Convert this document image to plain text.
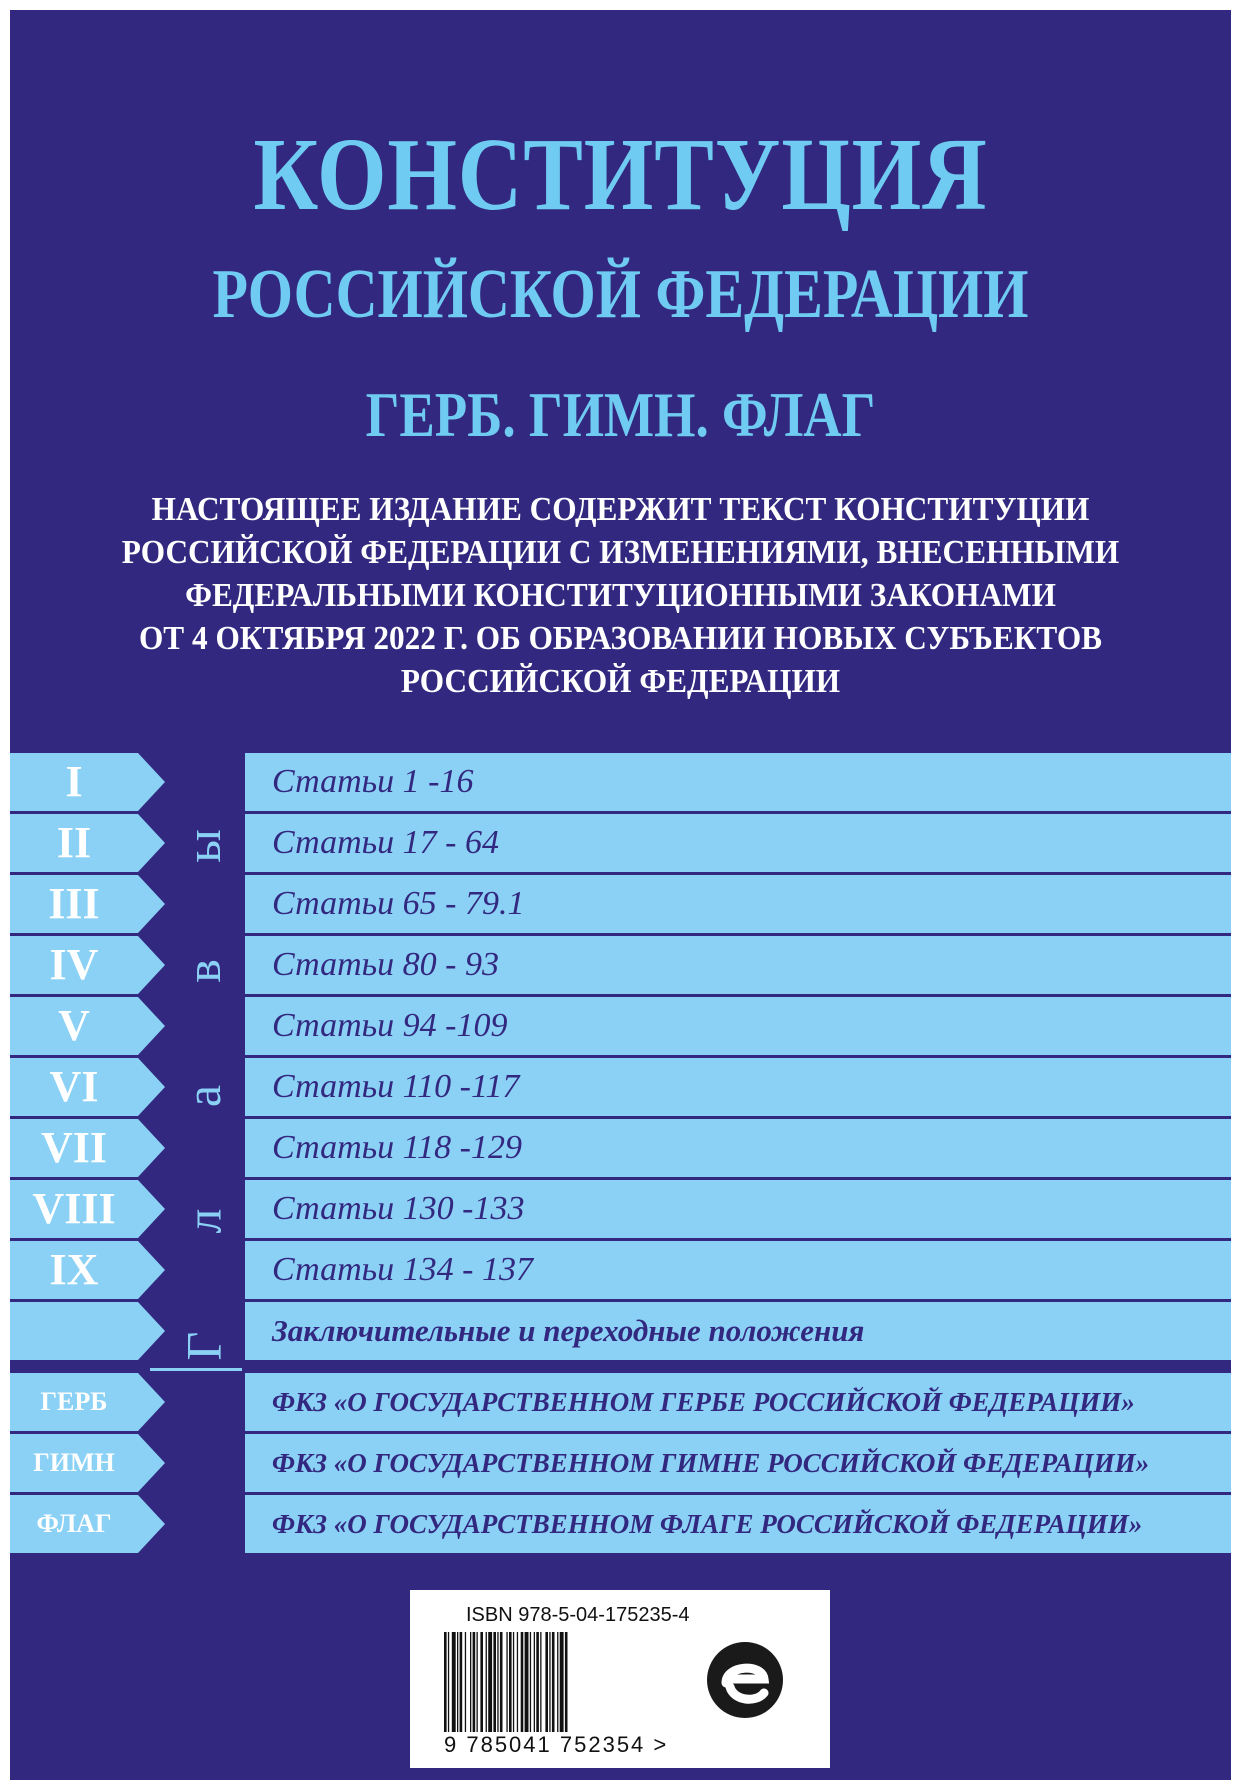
КОНСТИТУЦИЯ
РОССИЙСКОЙ ФЕДЕРАЦИИ
ГЕРБ. ГИМН. ФЛАГ
НАСТОЯЩЕЕ ИЗДАНИЕ СОДЕРЖИТ ТЕКСТ КОНСТИТУЦИИ
РОССИЙСКОЙ ФЕДЕРАЦИИ С ИЗМЕНЕНИЯМИ, ВНЕСЕННЫМИ
ФЕДЕРАЛЬНЫМИ КОНСТИТУЦИОННЫМИ ЗАКОНАМИ
ОТ 4 ОКТЯБРЯ 2022 Г. ОБ ОБРАЗОВАНИИ НОВЫХ СУБЪЕКТОВ
РОССИЙСКОЙ ФЕДЕРАЦИИ
I	Статьи 1 -16
II	Статьи 17 - 64
III	Статьи 65 - 79.1
IV	Статьи 80 - 93
V	Статьи 94 -109
VI	Статьи 110 -117
VII	Статьи 118 -129
VIII	Статьи 130 -133
IX	Статьи 134 - 137
Заключительные и переходные положения
ГЕРБ	ФКЗ «О ГОСУДАРСТВЕННОМ ГЕРБЕ РОССИЙСКОЙ ФЕДЕРАЦИИ»
ГИМН	ФКЗ «О ГОСУДАРСТВЕННОМ ГИМНЕ РОССИЙСКОЙ ФЕДЕРАЦИИ»
ФЛАГ	ФКЗ «О ГОСУДАРСТВЕННОМ ФЛАГЕ РОССИЙСКОЙ ФЕДЕРАЦИИ»
Г
л
а
в
ы
ISBN 978-5-04-175235-4
9 785041 752354 >
